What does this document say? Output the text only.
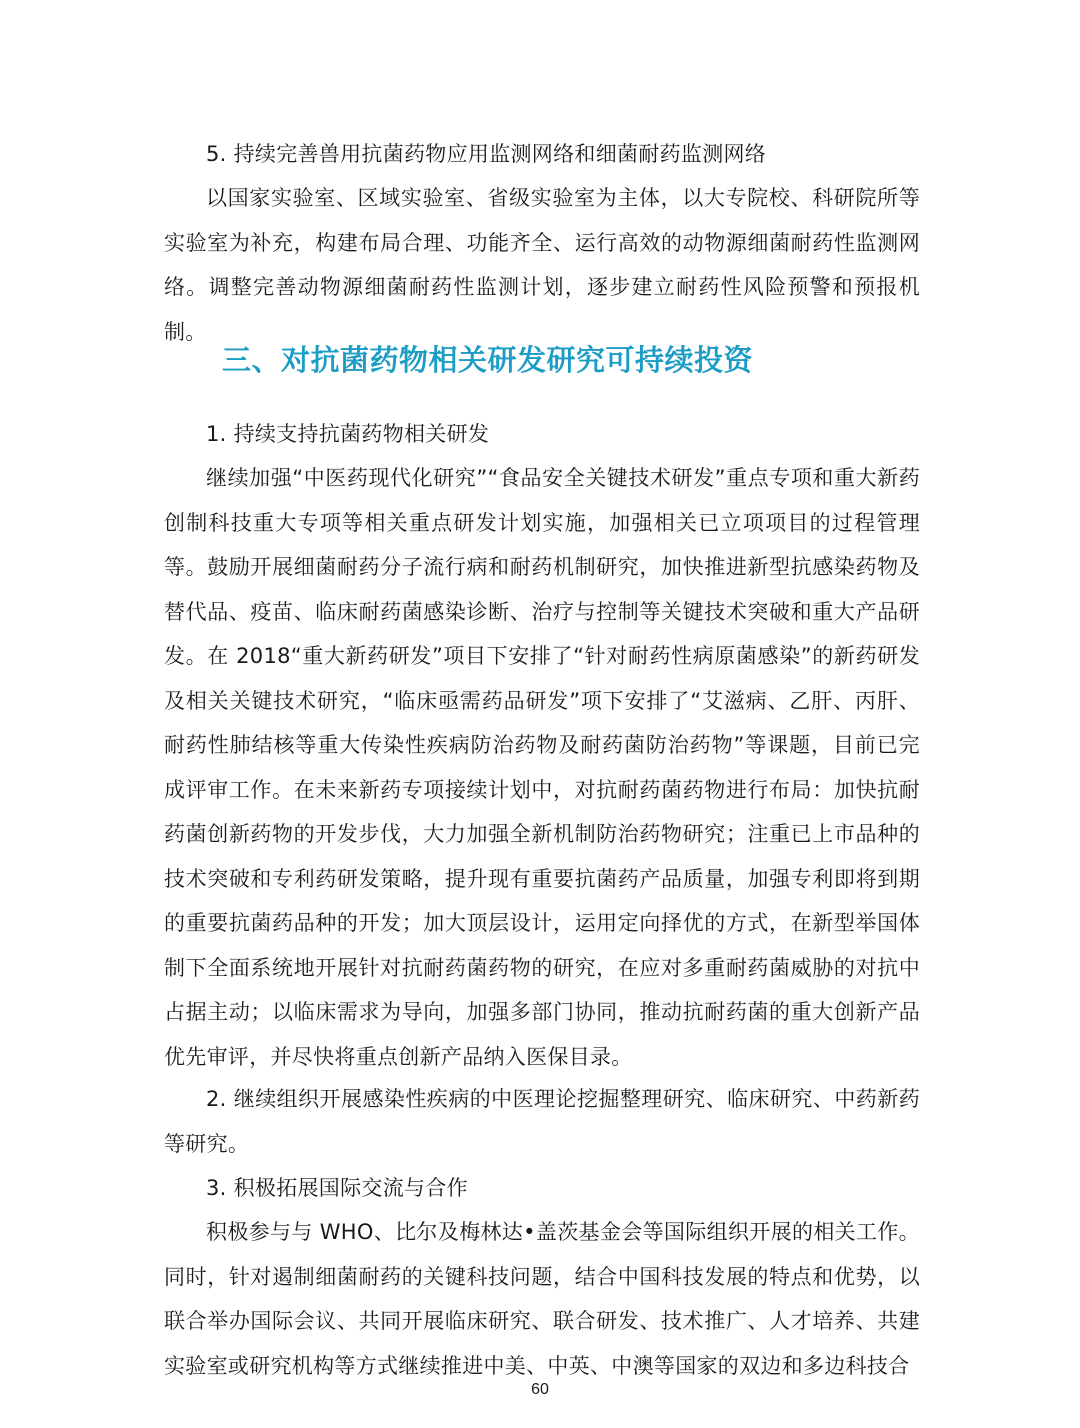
5. 持续完善兽用抗菌药物应用监测网络和细菌耐药监测网络

以国家实验室、区域实验室、省级实验室为主体，以大专院校、科研院所等实验室为补充，构建布局合理、功能齐全、运行高效的动物源细菌耐药性监测网络。调整完善动物源细菌耐药性监测计划，逐步建立耐药性风险预警和预报机制。

三、对抗菌药物相关研发研究可持续投资

1. 持续支持抗菌药物相关研发

继续加强“中医药现代化研究”“食品安全关键技术研发”重点专项和重大新药创制科技重大专项等相关重点研发计划实施，加强相关已立项项目的过程管理等。鼓励开展细菌耐药分子流行病和耐药机制研究，加快推进新型抗感染药物及替代品、疫苗、临床耐药菌感染诊断、治疗与控制等关键技术突破和重大产品研发。在 2018“重大新药研发”项目下安排了“针对耐药性病原菌感染”的新药研发及相关关键技术研究，“临床亟需药品研发”项下安排了“艾滋病、乙肝、丙肝、耐药性肺结核等重大传染性疾病防治药物及耐药菌防治药物”等课题，目前已完成评审工作。在未来新药专项接续计划中，对抗耐药菌药物进行布局：加快抗耐药菌创新药物的开发步伐，大力加强全新机制防治药物研究；注重已上市品种的技术突破和专利药研发策略，提升现有重要抗菌药产品质量，加强专利即将到期的重要抗菌药品种的开发；加大顶层设计，运用定向择优的方式，在新型举国体制下全面系统地开展针对抗耐药菌药物的研究，在应对多重耐药菌威胁的对抗中占据主动；以临床需求为导向，加强多部门协同，推动抗耐药菌的重大创新产品优先审评，并尽快将重点创新产品纳入医保目录。

2. 继续组织开展感染性疾病的中医理论挖掘整理研究、临床研究、中药新药等研究。

3. 积极拓展国际交流与合作

积极参与与 WHO、比尔及梅林达•盖茨基金会等国际组织开展的相关工作。同时，针对遏制细菌耐药的关键科技问题，结合中国科技发展的特点和优势，以联合举办国际会议、共同开展临床研究、联合研发、技术推广、人才培养、共建实验室或研究机构等方式继续推进中美、中英、中澳等国家的双边和多边科技合

60
